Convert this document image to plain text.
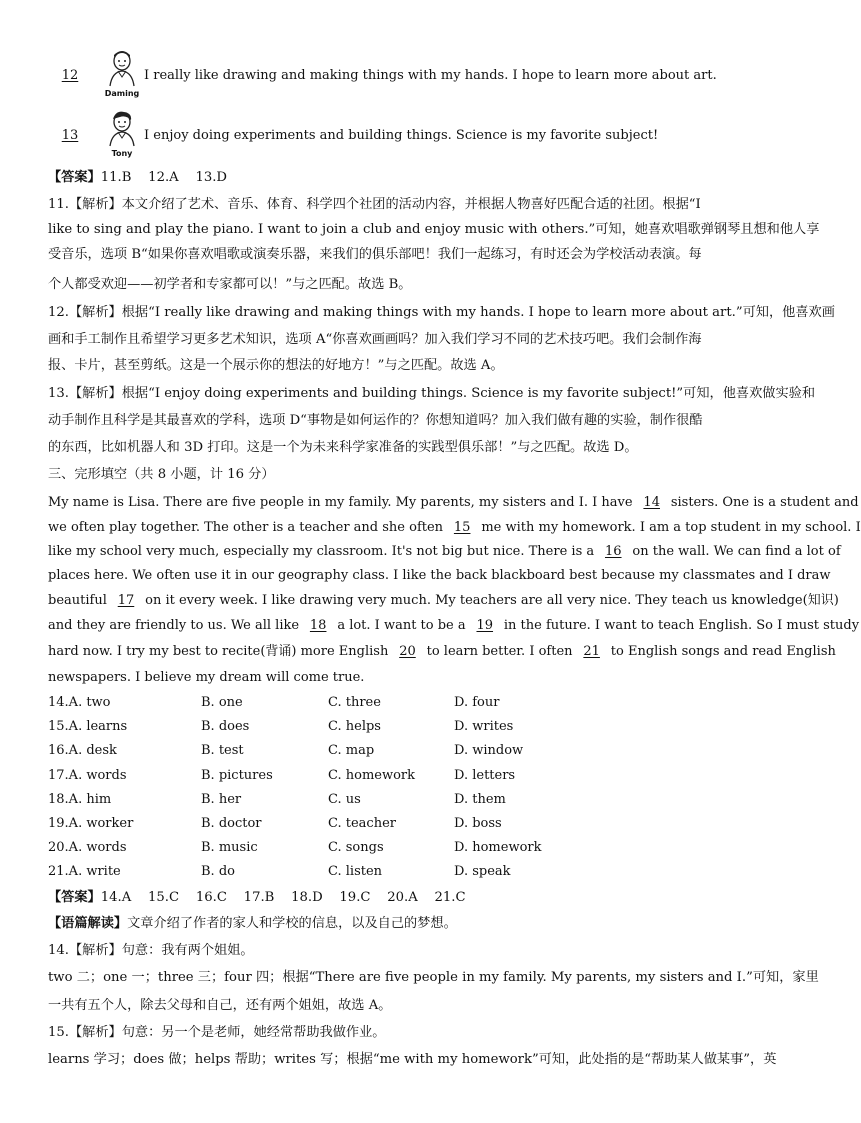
12
Daming
I really like drawing and making things with my hands. I hope to learn more about art.
13
Tony
I enjoy doing experiments and building things. Science is my favorite subject!
【答案】11.B    12.A    13.D
11.【解析】本文介绍了艺术、音乐、体育、科学四个社团的活动内容，并根据人物喜好匹配合适的社团。根据“I
like to sing and play the piano. I want to join a club and enjoy music with others.”可知，她喜欢唱歌弹钢琴且想和他人享
受音乐，选项 B“如果你喜欢唱歌或演奏乐器，来我们的俱乐部吧！我们一起练习，有时还会为学校活动表演。每
个人都受欢迎——初学者和专家都可以！”与之匹配。故选 B。
12.【解析】根据“I really like drawing and making things with my hands. I hope to learn more about art.”可知，他喜欢画
画和手工制作且希望学习更多艺术知识，选项 A“你喜欢画画吗？加入我们学习不同的艺术技巧吧。我们会制作海
报、卡片，甚至剪纸。这是一个展示你的想法的好地方！”与之匹配。故选 A。
13.【解析】根据“I enjoy doing experiments and building things. Science is my favorite subject!”可知，他喜欢做实验和
动手制作且科学是其最喜欢的学科，选项 D“事物是如何运作的？你想知道吗？加入我们做有趣的实验，制作很酷
的东西，比如机器人和 3D 打印。这是一个为未来科学家准备的实践型俱乐部！”与之匹配。故选 D。
三、完形填空（共 8 小题，计 16 分）
My name is Lisa. There are five people in my family. My parents, my sisters and I. I have 14 sisters. One is a student and
we often play together. The other is a teacher and she often 15 me with my homework. I am a top student in my school. I
like my school very much, especially my classroom. It's not big but nice. There is a 16 on the wall. We can find a lot of
places here. We often use it in our geography class. I like the back blackboard best because my classmates and I draw
beautiful 17 on it every week. I like drawing very much. My teachers are all very nice. They teach us knowledge(知识)
and they are friendly to us. We all like 18 a lot. I want to be a 19 in the future. I want to teach English. So I must study
hard now. I try my best to recite(背诵) more English 20 to learn better. I often 21 to English songs and read English
newspapers. I believe my dream will come true.
14.A. two	B. one	C. three	D. four
15.A. learns	B. does	C. helps	D. writes
16.A. desk	B. test	C. map	D. window
17.A. words	B. pictures	C. homework	D. letters
18.A. him	B. her	C. us	D. them
19.A. worker	B. doctor	C. teacher	D. boss
20.A. words	B. music	C. songs	D. homework
21.A. write	B. do	C. listen	D. speak
【答案】14.A    15.C    16.C    17.B    18.D    19.C    20.A    21.C
【语篇解读】文章介绍了作者的家人和学校的信息，以及自己的梦想。
14.【解析】句意：我有两个姐姐。
two 二；one 一；three 三；four 四；根据“There are five people in my family. My parents, my sisters and I.”可知，家里
一共有五个人，除去父母和自己，还有两个姐姐，故选 A。
15.【解析】句意：另一个是老师，她经常帮助我做作业。
learns 学习；does 做；helps 帮助；writes 写；根据“me with my homework”可知，此处指的是“帮助某人做某事”，英
